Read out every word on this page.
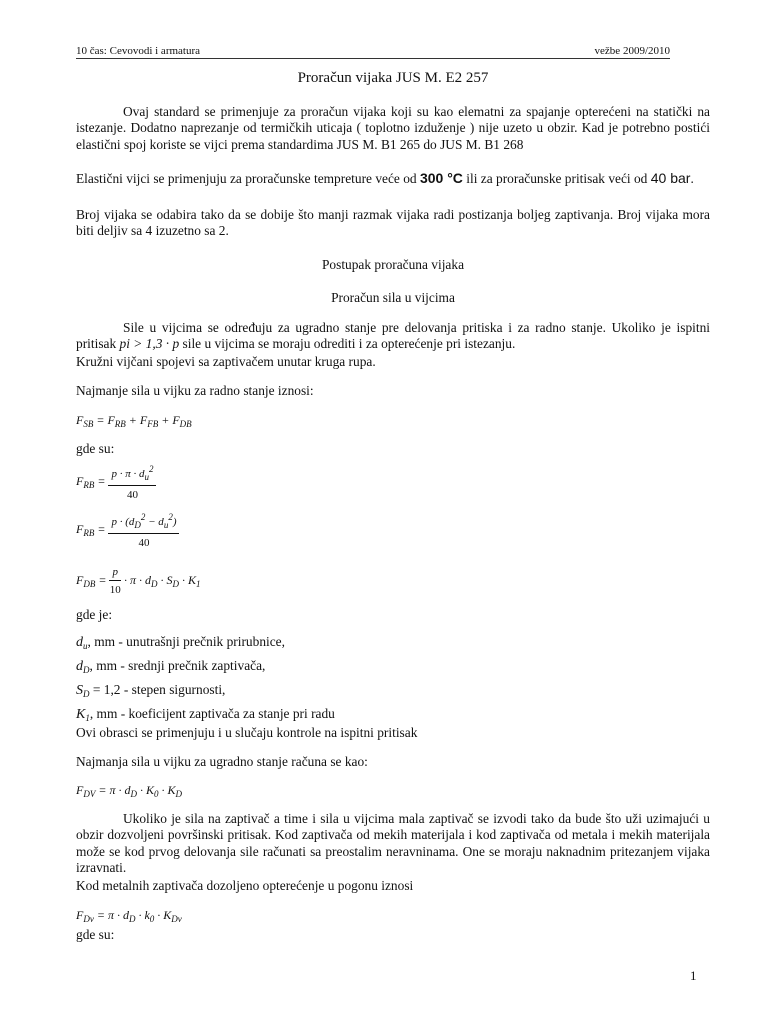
10 čas: Cevovodi i armatura	vežbe 2009/2010

Proračun vijaka JUS M. E2 257

Ovaj standard se primenjuje za proračun vijaka koji su kao elematni za spajanje opterećeni na statički na istezanje. Dodatno naprezanje od termičkih uticaja ( toplotno izduženje ) nije uzeto u obzir. Kad je potrebno postići elastični spoj koriste se vijci prema standardima JUS M. B1 265 do JUS M. B1 268

Elastični vijci se primenjuju za proračunske tempreture veće od 300 °C ili za proračunske pritisak veći od 40 bar.

Broj vijaka se odabira tako da se dobije što manji razmak vijaka radi postizanja boljeg zaptivanja. Broj vijaka mora biti deljiv sa 4 izuzetno sa 2.

Postupak proračuna vijaka

Proračun sila u vijcima

Sile u vijcima se određuju za ugradno stanje pre delovanja pritiska i za radno stanje. Ukoliko je ispitni pritisak pi > 1,3 · p sile u vijcima se moraju odrediti i za opterećenje pri istezanju.

Kružni vijčani spojevi sa zaptivačem unutar kruga rupa.

Najmanje sila u vijku za radno stanje iznosi:

$F_{SB} = F_{RB} + F_{FB} + F_{DB}$

gde su:

$F_{RB} = \frac{p \cdot \pi \cdot d_u^2}{40}$
$F_{RB} = \frac{p \cdot (d_D^2 - d_u^2)}{40}$
$F_{DB} = \frac{p}{10} \cdot \pi \cdot d_D \cdot S_D \cdot K_1$

gde je:

$d_u$, mm - unutrašnji prečnik prirubnice,
$d_D$, mm - srednji prečnik zaptivača,
$S_D = 1,2$ - stepen sigurnosti,
$K_1$, mm - koeficijent zaptivača za stanje pri radu

Ovi obrasci se primenjuju i u slučaju kontrole na ispitni pritisak

Najmanja sila u vijku za ugradno stanje računa se kao:

$F_{DV} = \pi \cdot d_D \cdot K_0 \cdot K_D$

Ukoliko je sila na zaptivač a time i sila u vijcima mala zaptivač se izvodi tako da bude što uži uzimajući u obzir dozvoljeni površinski pritisak. Kod zaptivača od mekih materijala i kod zaptivača od metala i mekih materijala može se kod prvog delovanja sile računati sa preostalim neravninama. One se moraju naknadnim pritezanjem vijaka izravnati.

Kod metalnih zaptivača dozoljeno opterećenje u pogonu iznosi

$F_{Dv} = \pi \cdot d_D \cdot k_0 \cdot K_{Dv}$

gde su:

1
